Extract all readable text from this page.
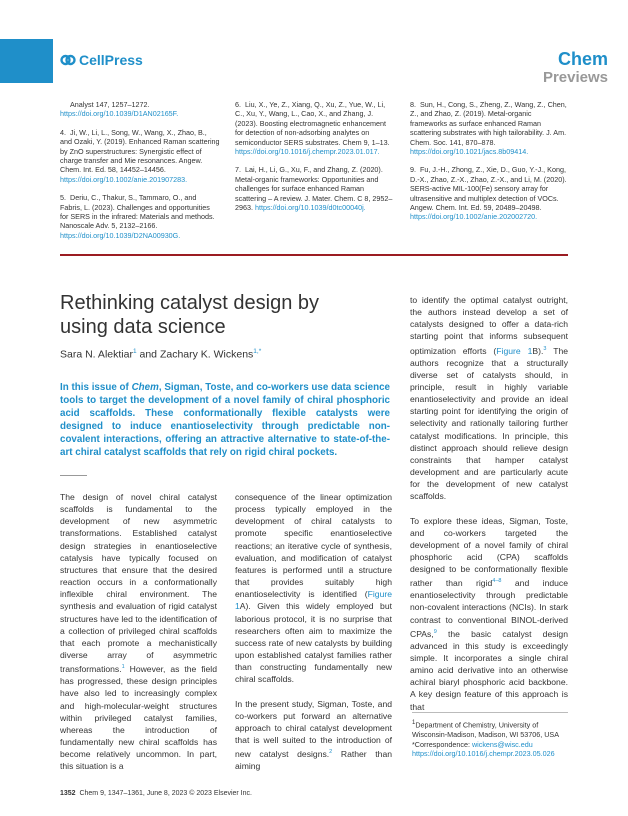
CellPress	Chem
Previews
Analyst 147, 1257–1272. https://doi.org/10.1039/D1AN02165F.
4. Ji, W., Li, L., Song, W., Wang, X., Zhao, B., and Ozaki, Y. (2019). Enhanced Raman scattering by ZnO superstructures: Synergistic effect of charge transfer and Mie resonances. Angew. Chem. Int. Ed. 58, 14452–14456. https://doi.org/10.1002/anie.201907283.
5. Deriu, C., Thakur, S., Tammaro, O., and Fabris, L. (2023). Challenges and opportunities for SERS in the infrared: Materials and methods. Nanoscale Adv. 5, 2132–2166. https://doi.org/10.1039/D2NA00930G.
6. Liu, X., Ye, Z., Xiang, Q., Xu, Z., Yue, W., Li, C., Xu, Y., Wang, L., Cao, X., and Zhang, J. (2023). Boosting electromagnetic enhancement for detection of non-adsorbing analytes on semiconductor SERS substrates. Chem 9, 1–13. https://doi.org/10.1016/j.chempr.2023.01.017.
7. Lai, H., Li, G., Xu, F., and Zhang, Z. (2020). Metal-organic frameworks: Opportunities and challenges for surface enhanced Raman scattering – A review. J. Mater. Chem. C 8, 2952–2963. https://doi.org/10.1039/d0tc00040j.
8. Sun, H., Cong, S., Zheng, Z., Wang, Z., Chen, Z., and Zhao, Z. (2019). Metal-organic frameworks as surface enhanced Raman scattering substrates with high tailorability. J. Am. Chem. Soc. 141, 870–878. https://doi.org/10.1021/jacs.8b09414.
9. Fu, J.-H., Zhong, Z., Xie, D., Guo, Y.-J., Kong, D.-X., Zhao, Z.-X., Zhao, Z.-X., and Li, M. (2020). SERS-active MIL-100(Fe) sensory array for ultrasensitive and multiplex detection of VOCs. Angew. Chem. Int. Ed. 59, 20489–20498. https://doi.org/10.1002/anie.202002720.
Rethinking catalyst design by using data science
Sara N. Alektiar$^1$ and Zachary K. Wickens$^{1,*}$
In this issue of Chem, Sigman, Toste, and co-workers use data science tools to target the development of a novel family of chiral phosphoric acid scaffolds. These conformationally flexible catalysts were designed to induce enantioselectivity through predictable non-covalent interactions, offering an attractive alternative to state-of-the-art chiral catalyst scaffolds that rely on rigid chiral pockets.

The design of novel chiral catalyst scaffolds is fundamental to the development of new asymmetric transformations. Established catalyst design strategies in enantioselective catalysis have typically focused on structures that ensure that the desired reaction occurs in a conformationally inflexible chiral environment. The synthesis and evaluation of rigid catalyst structures have led to the identification of a collection of privileged chiral scaffolds that each promote a mechanistically diverse array of asymmetric transformations.$^1$ However, as the field has progressed, these design principles have also led to increasingly complex and high-molecular-weight structures within privileged catalyst families, whereas the introduction of fundamentally new chiral scaffolds has become relatively uncommon. In part, this situation is a

consequence of the linear optimization process typically employed in the development of chiral catalysts to promote specific enantioselective reactions; an iterative cycle of synthesis, evaluation, and modification of catalyst features is performed until a structure that provides suitably high enantioselectivity is identified (Figure 1A). Given this widely employed but laborious protocol, it is no surprise that researchers often aim to maximize the success rate of new catalysts by building upon established catalyst families rather than constructing fundamentally new chiral scaffolds.

In the present study, Sigman, Toste, and co-workers put forward an alternative approach to chiral catalyst development that is well suited to the introduction of new catalyst designs.$^2$ Rather than aiming

to identify the optimal catalyst outright, the authors instead develop a set of catalysts designed to offer a data-rich starting point that informs subsequent optimization efforts (Figure 1B).$^3$ The authors recognize that a structurally diverse set of catalysts should, in principle, result in highly variable enantioselectivity and provide an ideal starting point for identifying the origin of selectivity and rationally tailoring further catalyst modifications. In principle, this distinct approach should relieve design constraints that hamper catalyst development and are particularly acute for the development of new catalyst scaffolds.

To explore these ideas, Sigman, Toste, and co-workers targeted the development of a novel family of chiral phosphoric acid (CPA) scaffolds designed to be conformationally flexible rather than rigid$^{4-8}$ and induce enantioselectivity through predictable non-covalent interactions (NCIs). In stark contrast to conventional BINOL-derived CPAs,$^9$ the basic catalyst design advanced in this study is exceedingly simple. It incorporates a single chiral amino acid derivative into an otherwise achiral biaryl phosphoric acid backbone. A key design feature of this approach is that

$^1$Department of Chemistry, University of Wisconsin-Madison, Madison, WI 53706, USA
*Correspondence: wickens@wisc.edu
https://doi.org/10.1016/j.chempr.2023.05.026
1352 Chem 9, 1347–1361, June 8, 2023 © 2023 Elsevier Inc.
